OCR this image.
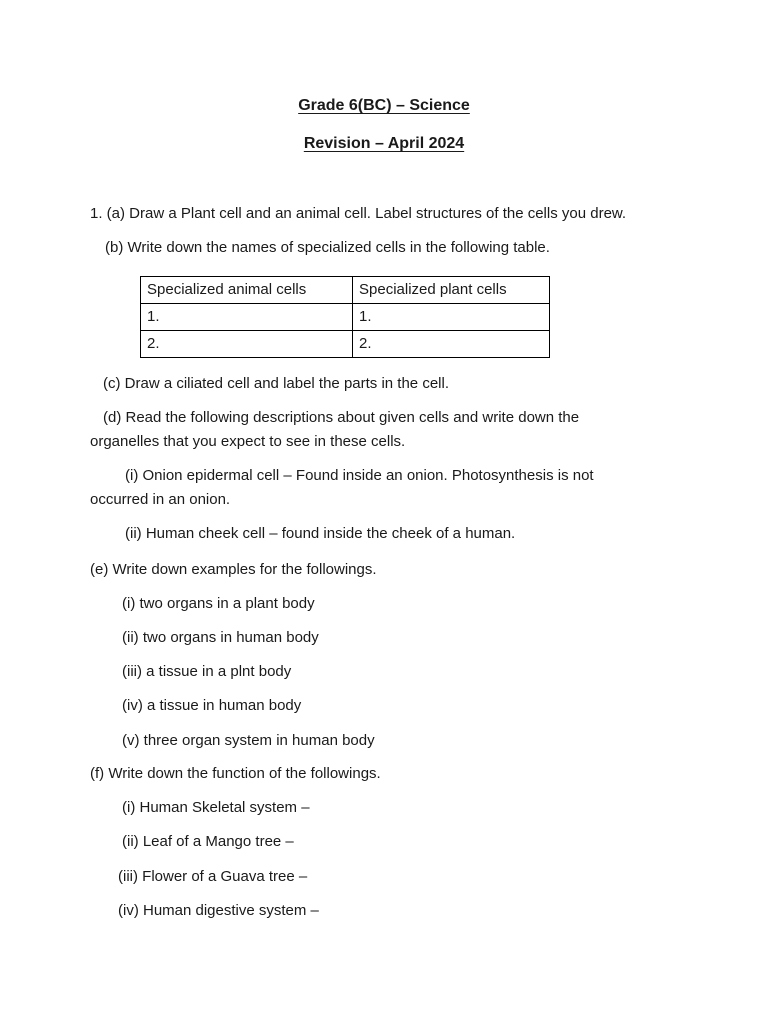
Grade 6(BC) – Science
Revision – April 2024
1. (a) Draw a Plant cell and an animal cell. Label structures of the cells you drew.
(b) Write down the names of specialized cells in the following table.
Specialized animal cells	Specialized plant cells
1.	1.
2.	2.
(c) Draw a ciliated cell and label the parts in the cell.
(d) Read the following descriptions about given cells and write down the
organelles that you expect to see in these cells.
(i) Onion epidermal cell – Found inside an onion. Photosynthesis is not
occurred in an onion.
(ii) Human cheek cell – found inside the cheek of a human.
(e) Write down examples for the followings.
(i) two organs in a plant body
(ii) two organs in human body
(iii) a tissue in a plnt body
(iv) a tissue in human body
(v) three organ system in human body
(f) Write down the function of the followings.
(i) Human Skeletal system –
(ii) Leaf of a Mango tree –
(iii) Flower of a Guava tree –
(iv) Human digestive system –
